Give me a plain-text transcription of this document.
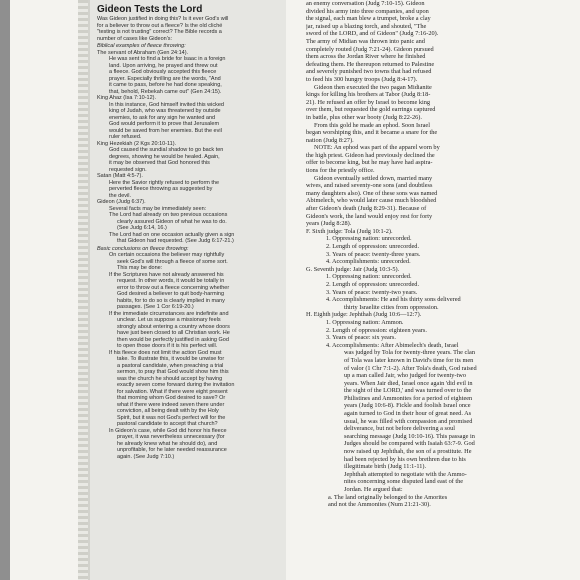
Gideon Tests the Lord
Was Gideon justified in doing this? Is it ever God's will
for a believer to throw out a fleece? Is the old cliché
"testing is not trusting" correct? The Bible records a
number of cases like Gideon's:
Biblical examples of fleece throwing:
The servant of Abraham (Gen 24:14).
He was sent to find a bride for Isaac in a foreign
land. Upon arriving, he prayed and threw out
a fleece. God obviously accepted this fleece
prayer. Especially thrilling are the words, "And
it came to pass, before he had done speaking,
that, behold, Rebekah came out" (Gen 24:15).
King Ahaz (Isa 7:10-12).
In this instance, God himself invited this wicked
king of Judah, who was threatened by outside
enemies, to ask for any sign he wanted and
God would perform it to prove that Jerusalem
would be saved from her enemies. But the evil
ruler refused.
King Hezekiah (2 Kgs 20:10-11).
God caused the sundial shadow to go back ten
degrees, showing he would be healed. Again,
it may be observed that God honored this
requested sign.
Satan (Matt 4:5-7).
Here the Savior rightly refused to perform the
perverted fleece throwing as suggested by
the devil.
Gideon (Judg 6:37).
Several facts may be immediately seen:
The Lord had already on two previous occasions
clearly assured Gideon of what he was to do.
(See Judg 6:14, 16.)
The Lord had on one occasion actually given a sign
that Gideon had requested. (See Judg 6:17-21.)
Basic conclusions on fleece throwing:
On certain occasions the believer may rightfully
seek God's will through a fleece of some sort.
This may be done:
If the Scriptures have not already answered his
request. In other words, it would be totally in
error to throw out a fleece concerning whether
God desired a believer to quit body-harming
habits, for to do so is clearly implied in many
passages. (See 1 Cor 6:19-20.)
If the immediate circumstances are indefinite and
unclear. Let us suppose a missionary feels
strongly about entering a country whose doors
have just been closed to all Christian work. He
then would be perfectly justified in asking God
to open those doors if it is his perfect will.
If his fleece does not limit the action God must
take. To illustrate this, it would be unwise for
a pastoral candidate, when preaching a trial
sermon, to pray that God would show him this
was the church he should accept by having
exactly seven come forward during the invitation
for salvation. What if there were eight present
that morning whom God desired to save? Or
what if there were indeed seven there under
conviction, all being dealt with by the Holy
Spirit, but it was not God's perfect will for the
pastoral candidate to accept that church?
In Gideon's case, while God did honor his fleece
prayer, it was nevertheless unnecessary (for
he already knew what he should do), and
unprofitable, for he later needed reassurance
again. (See Judg 7:10.)
an enemy conversation (Judg 7:10-15). Gideon
divided his army into three companies, and upon
the signal, each man blew a trumpet, broke a clay
jar, raised up a blazing torch, and shouted, "The
sword of the LORD, and of Gideon" (Judg 7:16-20).
The army of Midian was thrown into panic and
completely routed (Judg 7:21-24). Gideon pursued
them across the Jordan River where he finished
defeating them. He thereupon returned to Palestine
and severely punished two towns that had refused
to feed his 300 hungry troops (Judg 8:4-17).
Gideon then executed the two pagan Midianite
kings for killing his brothers at Tabor (Judg 8:18-
21). He refused an offer by Israel to become king
over them, but requested the gold earrings captured
in battle, plus other war booty (Judg 8:22-26).
From this gold he made an ephod. Soon Israel
began worshiping this, and it became a snare for the
nation (Judg 8:27).
NOTE: An ephod was part of the apparel worn by
the high priest. Gideon had previously declined the
offer to become king, but he may have had aspira-
tions for the priestly office.
Gideon eventually settled down, married many
wives, and raised seventy-one sons (and doubtless
many daughters also). One of these sons was named
Abimelech, who would later cause much bloodshed
after Gideon's death (Judg 8:29-31). Because of
Gideon's work, the land would enjoy rest for forty
years (Judg 8:28).
F. Sixth judge: Tola (Judg 10:1-2).
1. Oppressing nation: unrecorded.
2. Length of oppression: unrecorded.
3. Years of peace: twenty-three years.
4. Accomplishments: unrecorded.
G. Seventh judge: Jair (Judg 10:3-5).
1. Oppressing nation: unrecorded.
2. Length of oppression: unrecorded.
3. Years of peace: twenty-two years.
4. Accomplishments: He and his thirty sons delivered
thirty Israelite cities from oppression.
H. Eighth judge: Jephthah (Judg 10:6—12:7).
1. Oppressing nation: Ammon.
2. Length of oppression: eighteen years.
3. Years of peace: six years.
4. Accomplishments: After Abimelech's death, Israel
was judged by Tola for twenty-three years. The clan
of Tola was later known in David's time for its men
of valor (1 Chr 7:1-2). After Tola's death, God raised
up a man called Jair, who judged for twenty-two
years. When Jair died, Israel once again 'did evil in
the sight of the LORD,' and was turned over to the
Philistines and Ammonites for a period of eighteen
years (Judg 10:6-8). Fickle and foolish Israel once
again turned to God in their hour of great need. As
usual, he was filled with compassion and promised
deliverance, but not before delivering a soul
searching message (Judg 10:10-16). This passage in
Judges should be compared with Isaiah 63:7-9. God
now raised up Jephthah, the son of a prostitute. He
had been rejected by his own brethren due to his
illegitimate birth (Judg 11:1-11).
Jephthah attempted to negotiate with the Ammo-
nites concerning some disputed land east of the
Jordan. He argued that:
a. The land originally belonged to the Amorites
and not the Ammonites (Num 21:21-30).
